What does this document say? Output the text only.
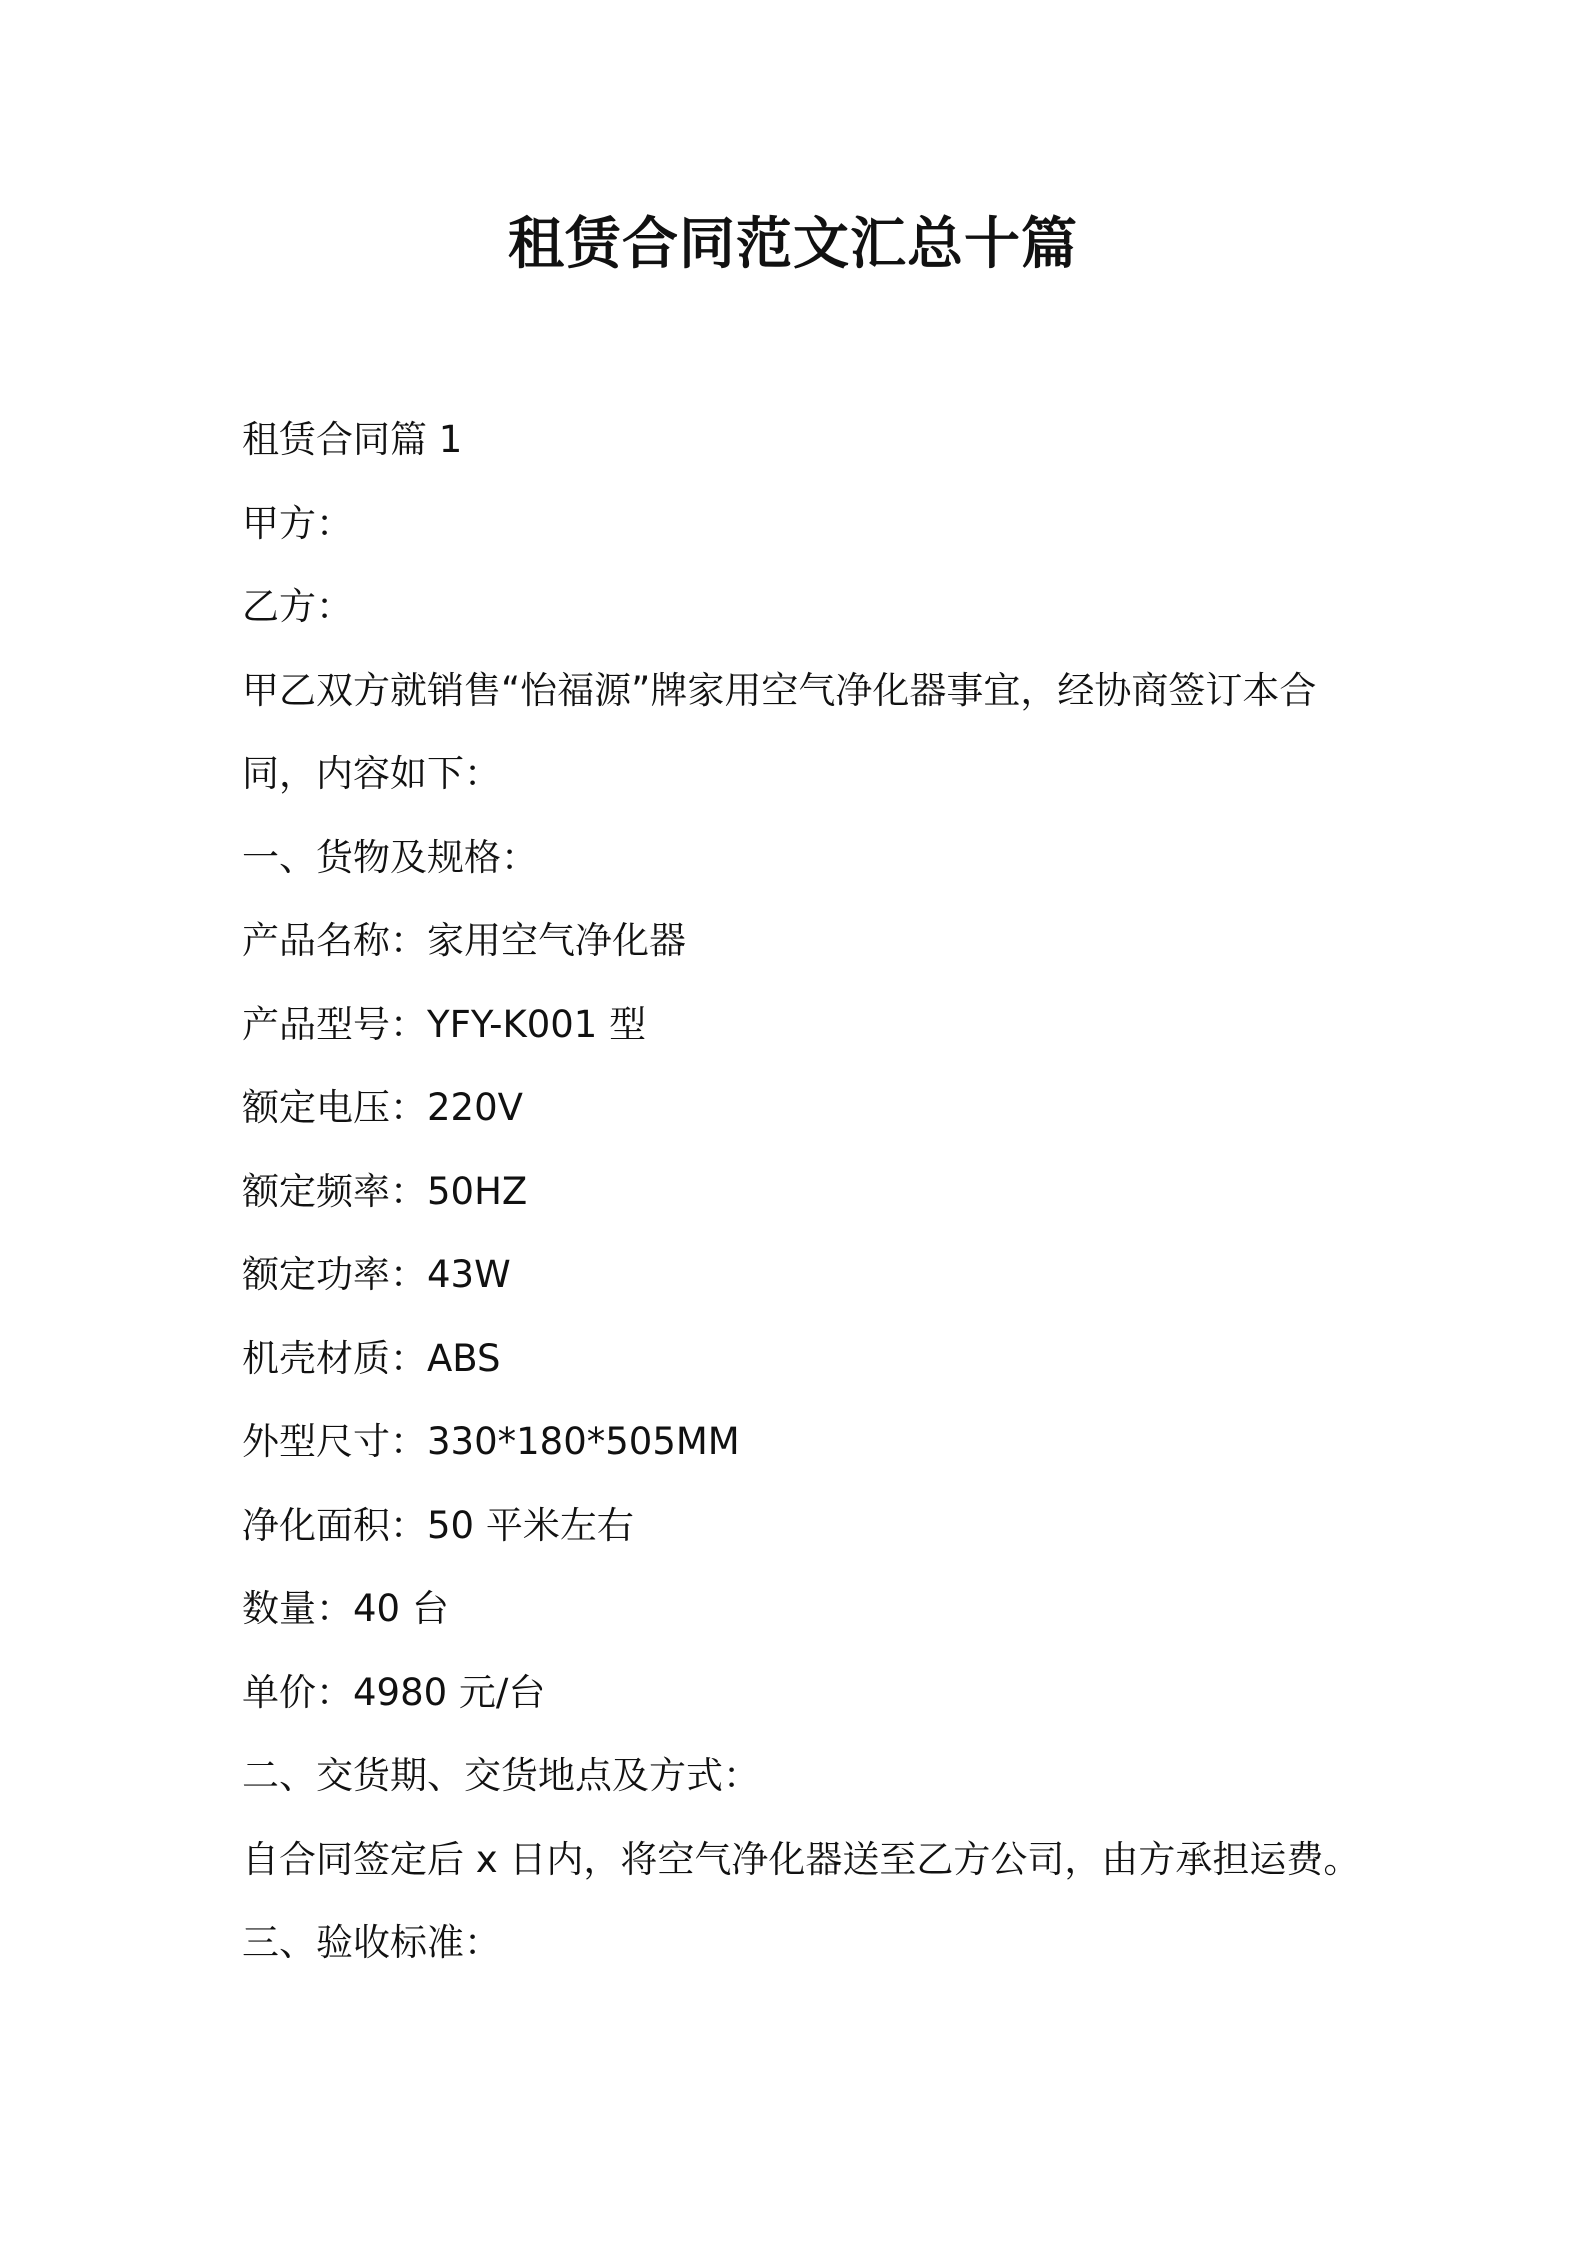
租赁合同范文汇总十篇

租赁合同篇 1

甲方：

乙方：

甲乙双方就销售“怡福源”牌家用空气净化器事宜，经协商签订本合

同，内容如下：

一、货物及规格：

产品名称：家用空气净化器

产品型号：YFY-K001 型

额定电压：220V

额定频率：50HZ

额定功率：43W

机壳材质：ABS

外型尺寸：330*180*505MM

净化面积：50 平米左右

数量：40 台

单价：4980 元/台

二、交货期、交货地点及方式：

自合同签定后 x 日内，将空气净化器送至乙方公司，由方承担运费。

三、验收标准：
